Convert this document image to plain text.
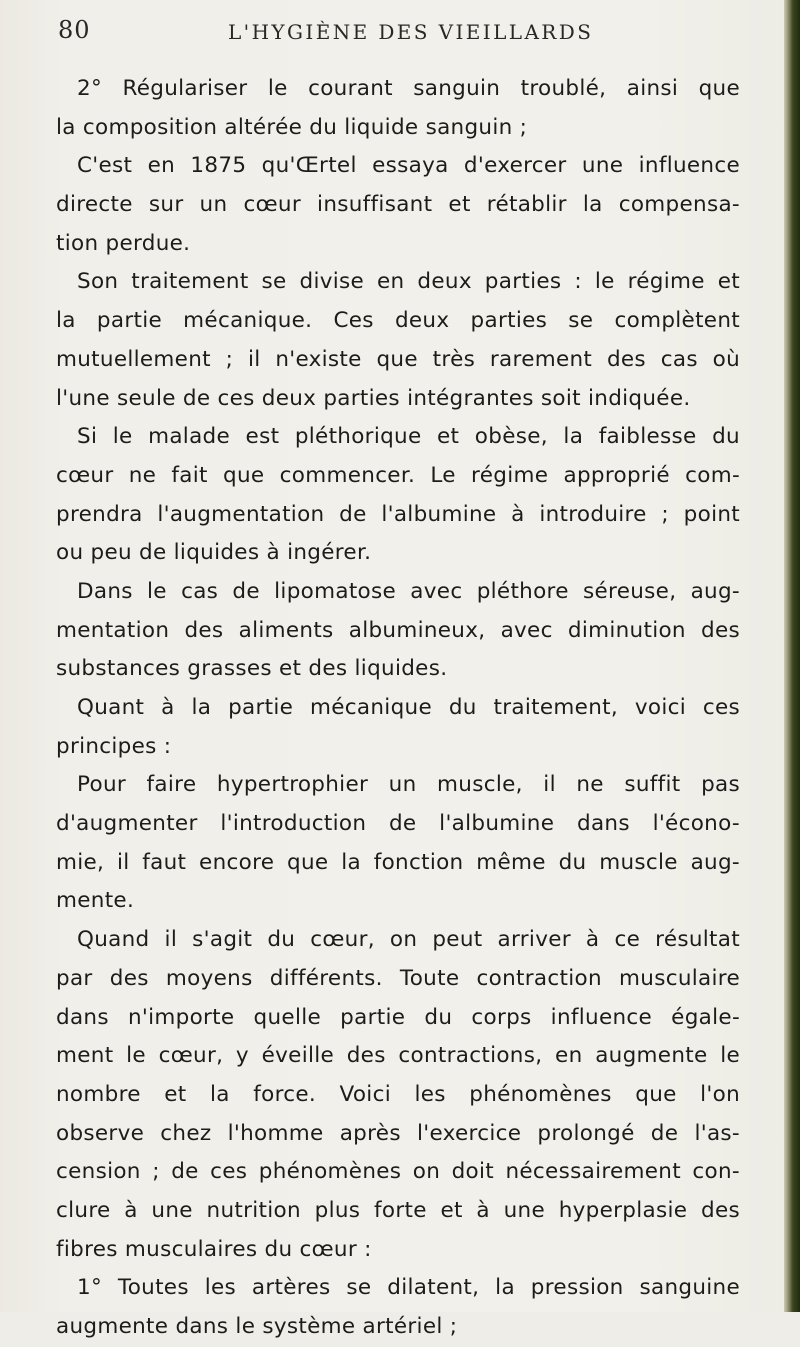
80	L'HYGIÈNE DES VIEILLARDS
2° Régulariser le courant sanguin troublé, ainsi que
la composition altérée du liquide sanguin ;
C'est en 1875 qu'Œrtel essaya d'exercer une influence
directe sur un cœur insuffisant et rétablir la compensa-
tion perdue.
Son traitement se divise en deux parties : le régime et
la partie mécanique. Ces deux parties se complètent
mutuellement ; il n'existe que très rarement des cas où
l'une seule de ces deux parties intégrantes soit indiquée.
Si le malade est pléthorique et obèse, la faiblesse du
cœur ne fait que commencer. Le régime approprié com-
prendra l'augmentation de l'albumine à introduire ; point
ou peu de liquides à ingérer.
Dans le cas de lipomatose avec pléthore séreuse, aug-
mentation des aliments albumineux, avec diminution des
substances grasses et des liquides.
Quant à la partie mécanique du traitement, voici ces
principes :
Pour faire hypertrophier un muscle, il ne suffit pas
d'augmenter l'introduction de l'albumine dans l'écono-
mie, il faut encore que la fonction même du muscle aug-
mente.
Quand il s'agit du cœur, on peut arriver à ce résultat
par des moyens différents. Toute contraction musculaire
dans n'importe quelle partie du corps influence égale-
ment le cœur, y éveille des contractions, en augmente le
nombre et la force. Voici les phénomènes que l'on
observe chez l'homme après l'exercice prolongé de l'as-
cension ; de ces phénomènes on doit nécessairement con-
clure à une nutrition plus forte et à une hyperplasie des
fibres musculaires du cœur :
1° Toutes les artères se dilatent, la pression sanguine
augmente dans le système artériel ;
